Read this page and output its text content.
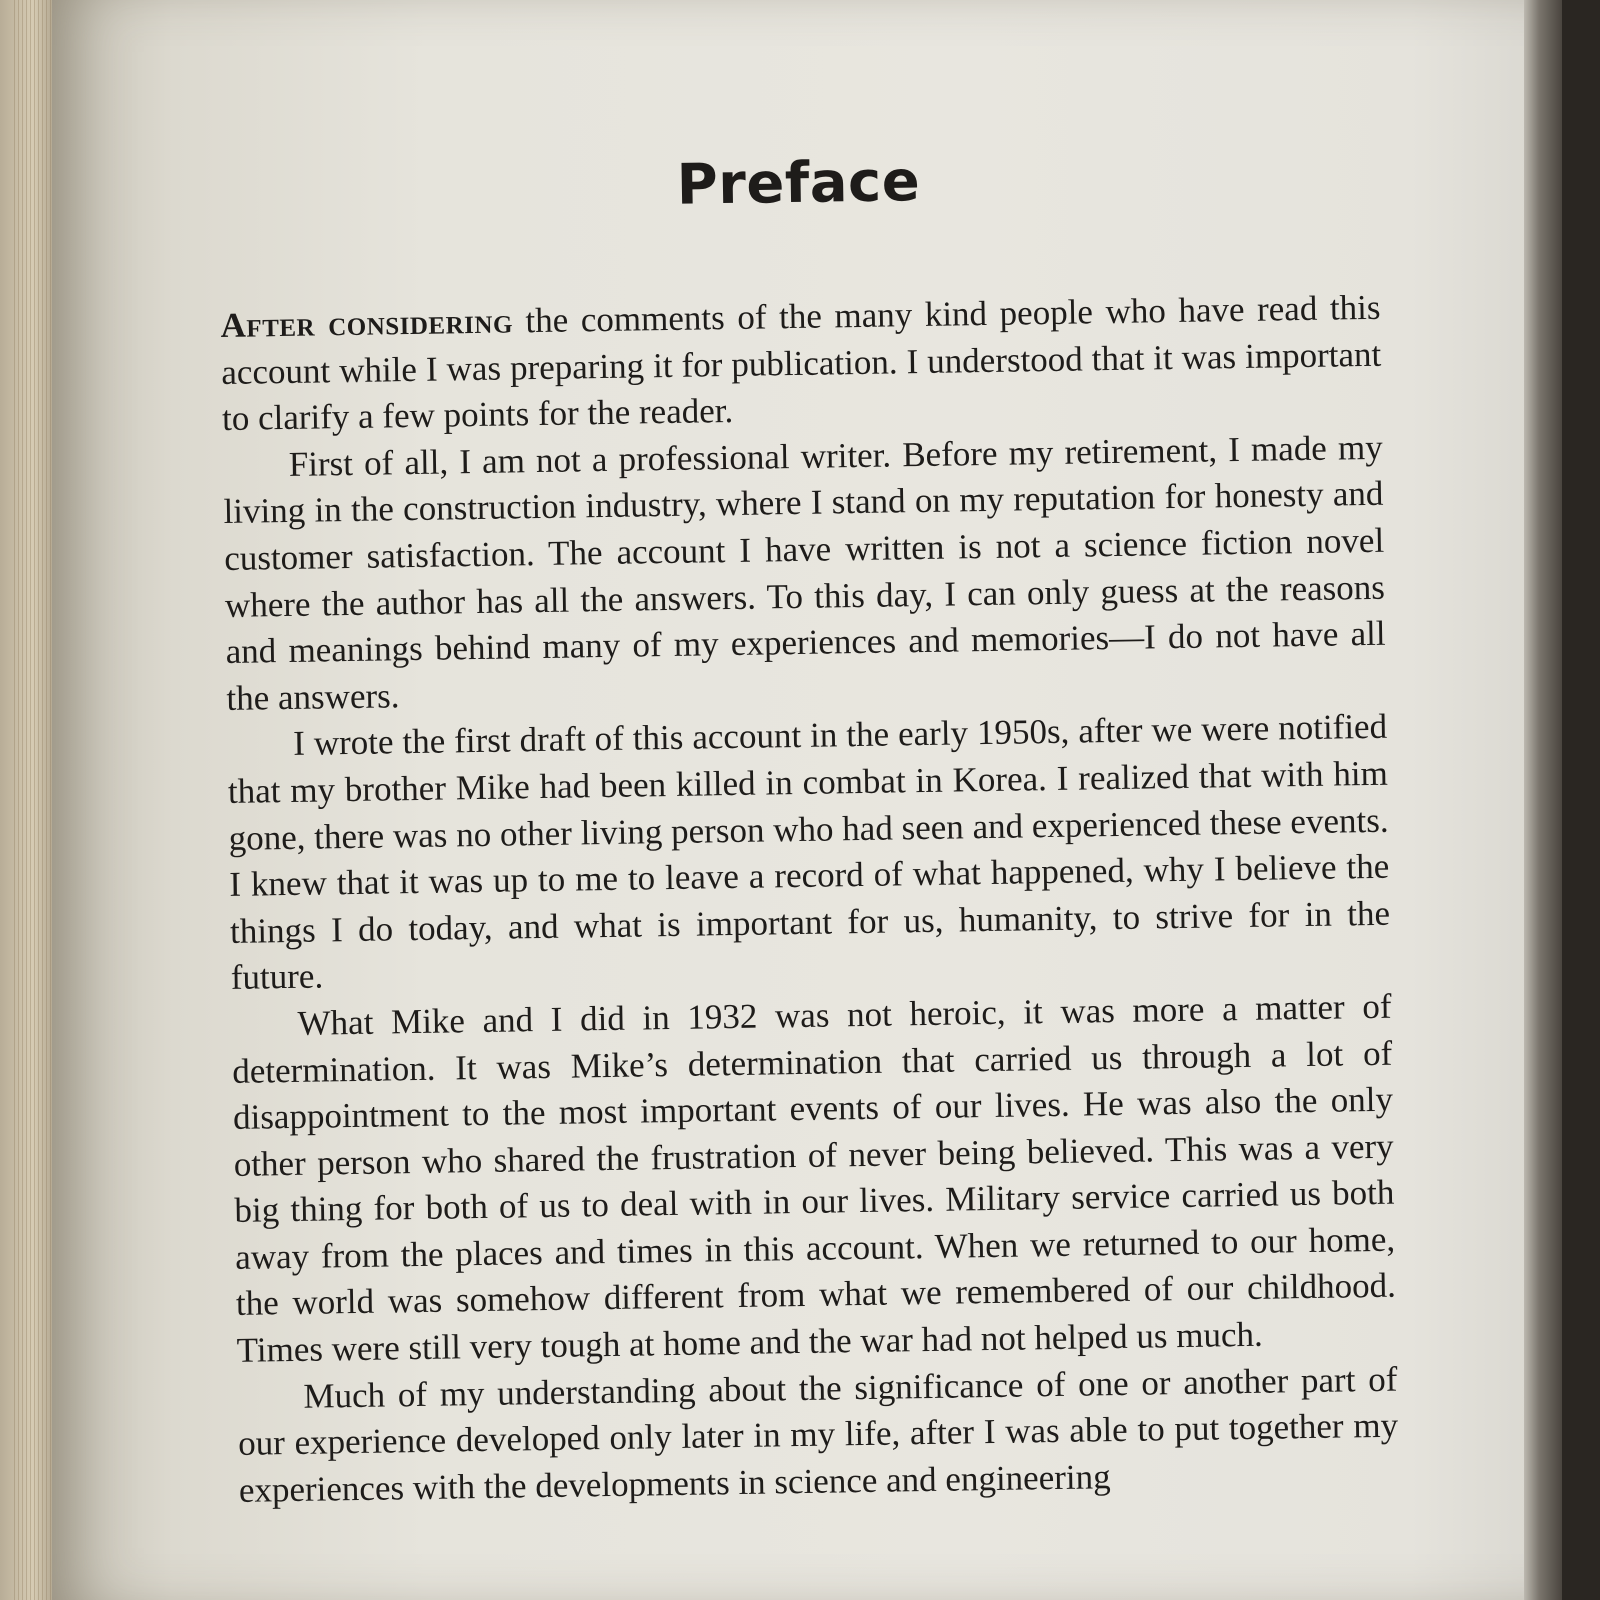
Preface

After considering the comments of the many kind people who have read this account while I was preparing it for publication. I understood that it was important to clarify a few points for the reader.

First of all, I am not a professional writer. Before my retirement, I made my living in the construction industry, where I stand on my reputation for honesty and customer satisfaction. The account I have written is not a science fiction novel where the author has all the answers. To this day, I can only guess at the reasons and meanings behind many of my experiences and memories—I do not have all the answers.

I wrote the first draft of this account in the early 1950s, after we were notified that my brother Mike had been killed in combat in Korea. I realized that with him gone, there was no other living person who had seen and experienced these events. I knew that it was up to me to leave a record of what happened, why I believe the things I do today, and what is important for us, humanity, to strive for in the future.

What Mike and I did in 1932 was not heroic, it was more a matter of determination. It was Mike’s determination that carried us through a lot of disappointment to the most important events of our lives. He was also the only other person who shared the frustration of never being believed. This was a very big thing for both of us to deal with in our lives. Military service carried us both away from the places and times in this account. When we returned to our home, the world was somehow different from what we remembered of our childhood. Times were still very tough at home and the war had not helped us much.

Much of my understanding about the significance of one or another part of our experience developed only later in my life, after I was able to put together my experiences with the developments in science and engineering
